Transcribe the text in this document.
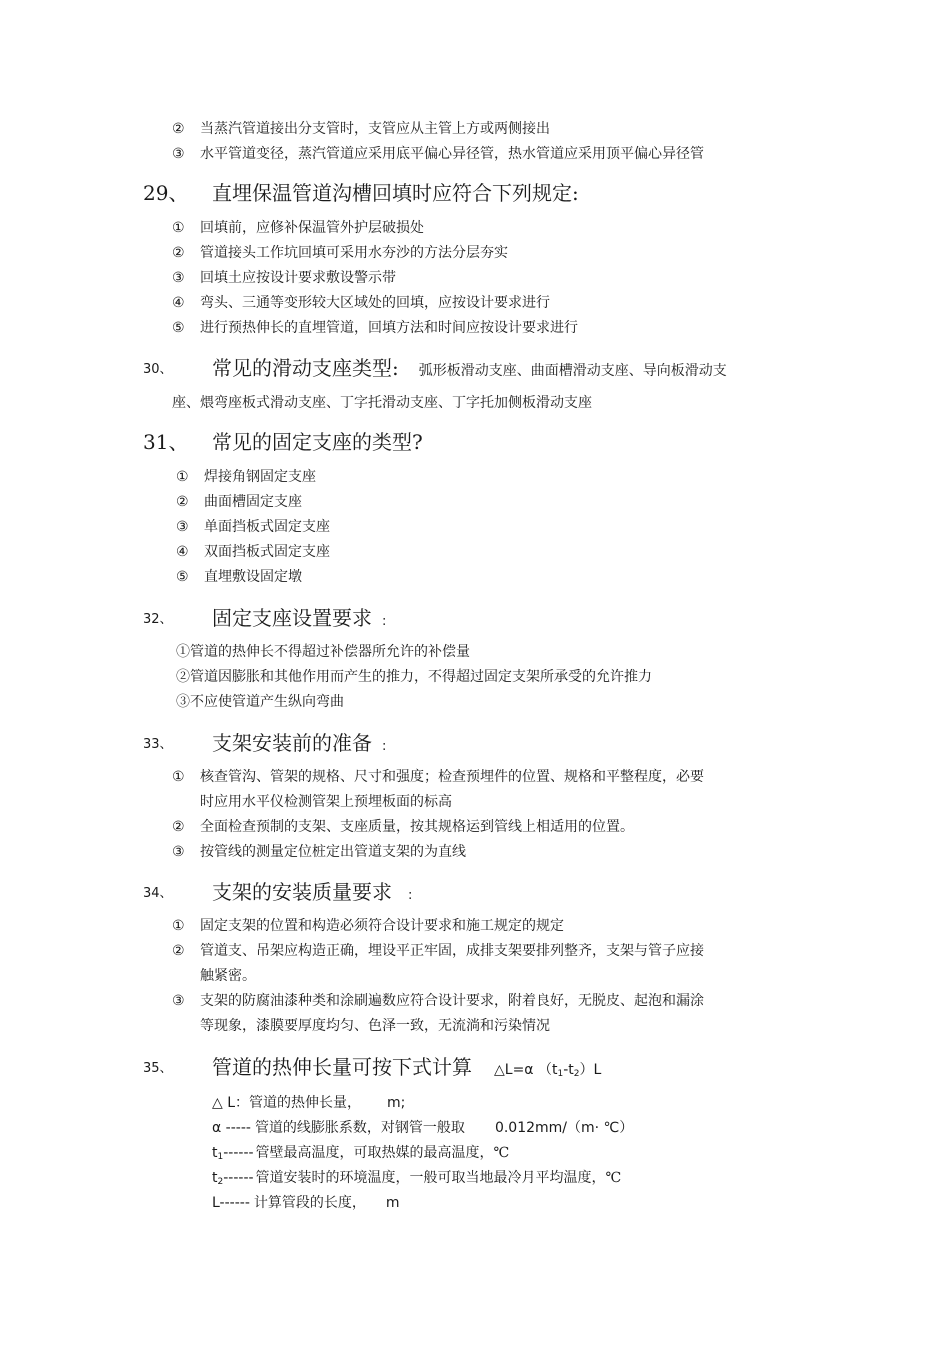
② 当蒸汽管道接出分支管时，支管应从主管上方或两侧接出
③ 水平管道变径，蒸汽管道应采用底平偏心异径管，热水管道应采用顶平偏心异径管
29、 直埋保温管道沟槽回填时应符合下列规定:
① 回填前，应修补保温管外护层破损处
② 管道接头工作坑回填可采用水夯沙的方法分层夯实
③ 回填土应按设计要求敷设警示带
④ 弯头、三通等变形较大区域处的回填，应按设计要求进行
⑤ 进行预热伸长的直埋管道，回填方法和时间应按设计要求进行
30、 常见的滑动支座类型: 弧形板滑动支座、曲面槽滑动支座、导向板滑动支
座、煨弯座板式滑动支座、丁字托滑动支座、丁字托加侧板滑动支座
31、 常见的固定支座的类型?
① 焊接角钢固定支座
② 曲面槽固定支座
③ 单面挡板式固定支座
④ 双面挡板式固定支座
⑤ 直埋敷设固定墩
32、 固定支座设置要求 :
①管道的热伸长不得超过补偿器所允许的补偿量
②管道因膨胀和其他作用而产生的推力，不得超过固定支架所承受的允许推力
③不应使管道产生纵向弯曲
33、 支架安装前的准备 :
① 核查管沟、管架的规格、尺寸和强度；检查预埋件的位置、规格和平整程度，必要
时应用水平仪检测管架上预埋板面的标高
② 全面检查预制的支架、支座质量，按其规格运到管线上相适用的位置。
③ 按管线的测量定位桩定出管道支架的为直线
34、 支架的安装质量要求 :
① 固定支架的位置和构造必须符合设计要求和施工规定的规定
② 管道支、吊架应构造正确，埋设平正牢固，成排支架要排列整齐，支架与管子应接
触紧密。
③ 支架的防腐油漆种类和涂刷遍数应符合设计要求，附着良好，无脱皮、起泡和漏涂
等现象，漆膜要厚度均匀、色泽一致，无流淌和污染情况
35、 管道的热伸长量可按下式计算 △L=α $(t_1-t_2)L$
△ L：管道的热伸长量， m;
α ----- 管道的线膨胀系数，对钢管一般取 0.012mm/（m· ℃）
$t_1------$ 管壁最高温度，可取热媒的最高温度，℃
$t_2------$ 管道安装时的环境温度，一般可取当地最冷月平均温度，℃
L------ 计算管段的长度， m
